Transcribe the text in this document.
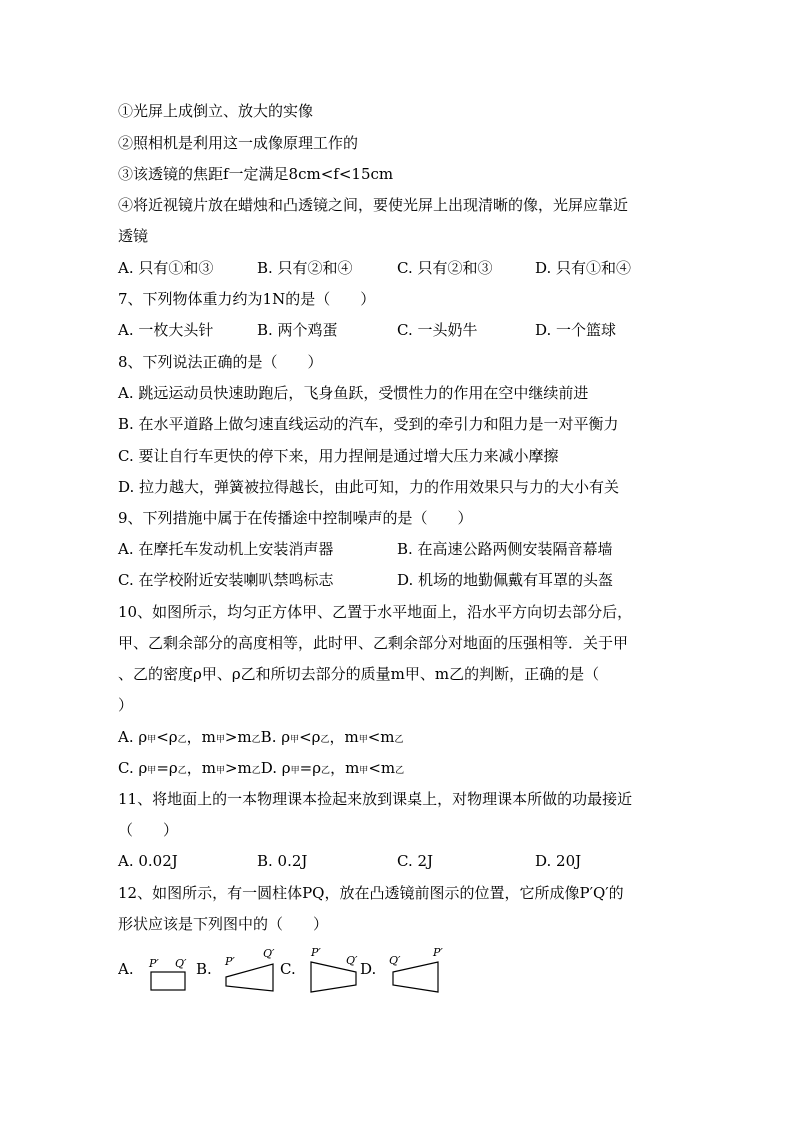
①光屏上成倒立、放大的实像
②照相机是利用这一成像原理工作的
③该透镜的焦距f一定满足8cm<f<15cm
④将近视镜片放在蜡烛和凸透镜之间，要使光屏上出现清晰的像，光屏应靠近
透镜
A. 只有①和③	B. 只有②和④	C. 只有②和③	D. 只有①和④
7、下列物体重力约为1N的是（　　）
A. 一枚大头针	B. 两个鸡蛋	C. 一头奶牛	D. 一个篮球
8、下列说法正确的是（　　）
A. 跳远运动员快速助跑后，飞身鱼跃，受惯性力的作用在空中继续前进
B. 在水平道路上做匀速直线运动的汽车，受到的牵引力和阻力是一对平衡力
C. 要让自行车更快的停下来，用力捏闸是通过增大压力来减小摩擦
D. 拉力越大，弹簧被拉得越长，由此可知，力的作用效果只与力的大小有关
9、下列措施中属于在传播途中控制噪声的是（　　）
A. 在摩托车发动机上安装消声器	B. 在高速公路两侧安装隔音幕墙
C. 在学校附近安装喇叭禁鸣标志	D. 机场的地勤佩戴有耳罩的头盔
10、如图所示，均匀正方体甲、乙置于水平地面上，沿水平方向切去部分后，
甲、乙剩余部分的高度相等，此时甲、乙剩余部分对地面的压强相等．关于甲
、乙的密度ρ甲、ρ乙和所切去部分的质量m甲、m乙的判断，正确的是（
）
A. ρ甲<ρ乙，m甲>m乙B. ρ甲<ρ乙，m甲<m乙
C. ρ甲=ρ乙，m甲>m乙D. ρ甲=ρ乙，m甲<m乙
11、将地面上的一本物理课本捡起来放到课桌上，对物理课本所做的功最接近
（　　）
A. 0.02J	B. 0.2J	C. 2J	D. 20J
12、如图所示，有一圆柱体PQ，放在凸透镜前图示的位置，它所成像P′Q′的
形状应该是下列图中的（　　）
A. P′ Q′ B. P′
Q′
C.
P′
Q′ D. Q′
P′
